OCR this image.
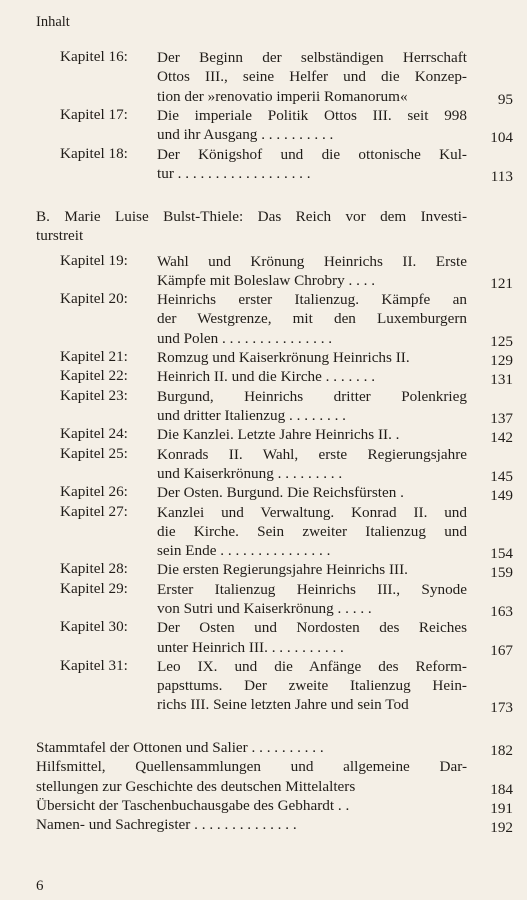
Inhalt
Kapitel 16: Der Beginn der selbständigen Herrschaft
Ottos III., seine Helfer und die Konzep-
tion der »renovatio imperii Romanorum«	95
Kapitel 17: Die imperiale Politik Ottos III. seit 998
und ihr Ausgang . . . . . . . . . .	104
Kapitel 18: Der Königshof und die ottonische Kul-
tur . . . . . . . . . . . . . . . . . .	113
B. Marie Luise Bulst-Thiele: Das Reich vor dem Investi-
turstreit
Kapitel 19: Wahl und Krönung Heinrichs II. Erste
Kämpfe mit Boleslaw Chrobry . . . .	121
Kapitel 20: Heinrichs erster Italienzug. Kämpfe an
der Westgrenze, mit den Luxemburgern
und Polen . . . . . . . . . . . . . . .	125
Kapitel 21: Romzug und Kaiserkrönung Heinrichs II.	129
Kapitel 22: Heinrich II. und die Kirche . . . . . . .	131
Kapitel 23: Burgund, Heinrichs dritter Polenkrieg
und dritter Italienzug . . . . . . . .	137
Kapitel 24: Die Kanzlei. Letzte Jahre Heinrichs II. .	142
Kapitel 25: Konrads II. Wahl, erste Regierungsjahre
und Kaiserkrönung . . . . . . . . .	145
Kapitel 26: Der Osten. Burgund. Die Reichsfürsten .	149
Kapitel 27: Kanzlei und Verwaltung. Konrad II. und
die Kirche. Sein zweiter Italienzug und
sein Ende . . . . . . . . . . . . . . .	154
Kapitel 28: Die ersten Regierungsjahre Heinrichs III.	159
Kapitel 29: Erster Italienzug Heinrichs III., Synode
von Sutri und Kaiserkrönung . . . . .	163
Kapitel 30: Der Osten und Nordosten des Reiches
unter Heinrich III. . . . . . . . . . .	167
Kapitel 31: Leo IX. und die Anfänge des Reform-
papsttums. Der zweite Italienzug Hein-
richs III. Seine letzten Jahre und sein Tod	173
Stammtafel der Ottonen und Salier . . . . . . . . . .	182
Hilfsmittel, Quellensammlungen und allgemeine Dar-
stellungen zur Geschichte des deutschen Mittelalters	184
Übersicht der Taschenbuchausgabe des Gebhardt . .	191
Namen- und Sachregister . . . . . . . . . . . . . .	192
6
